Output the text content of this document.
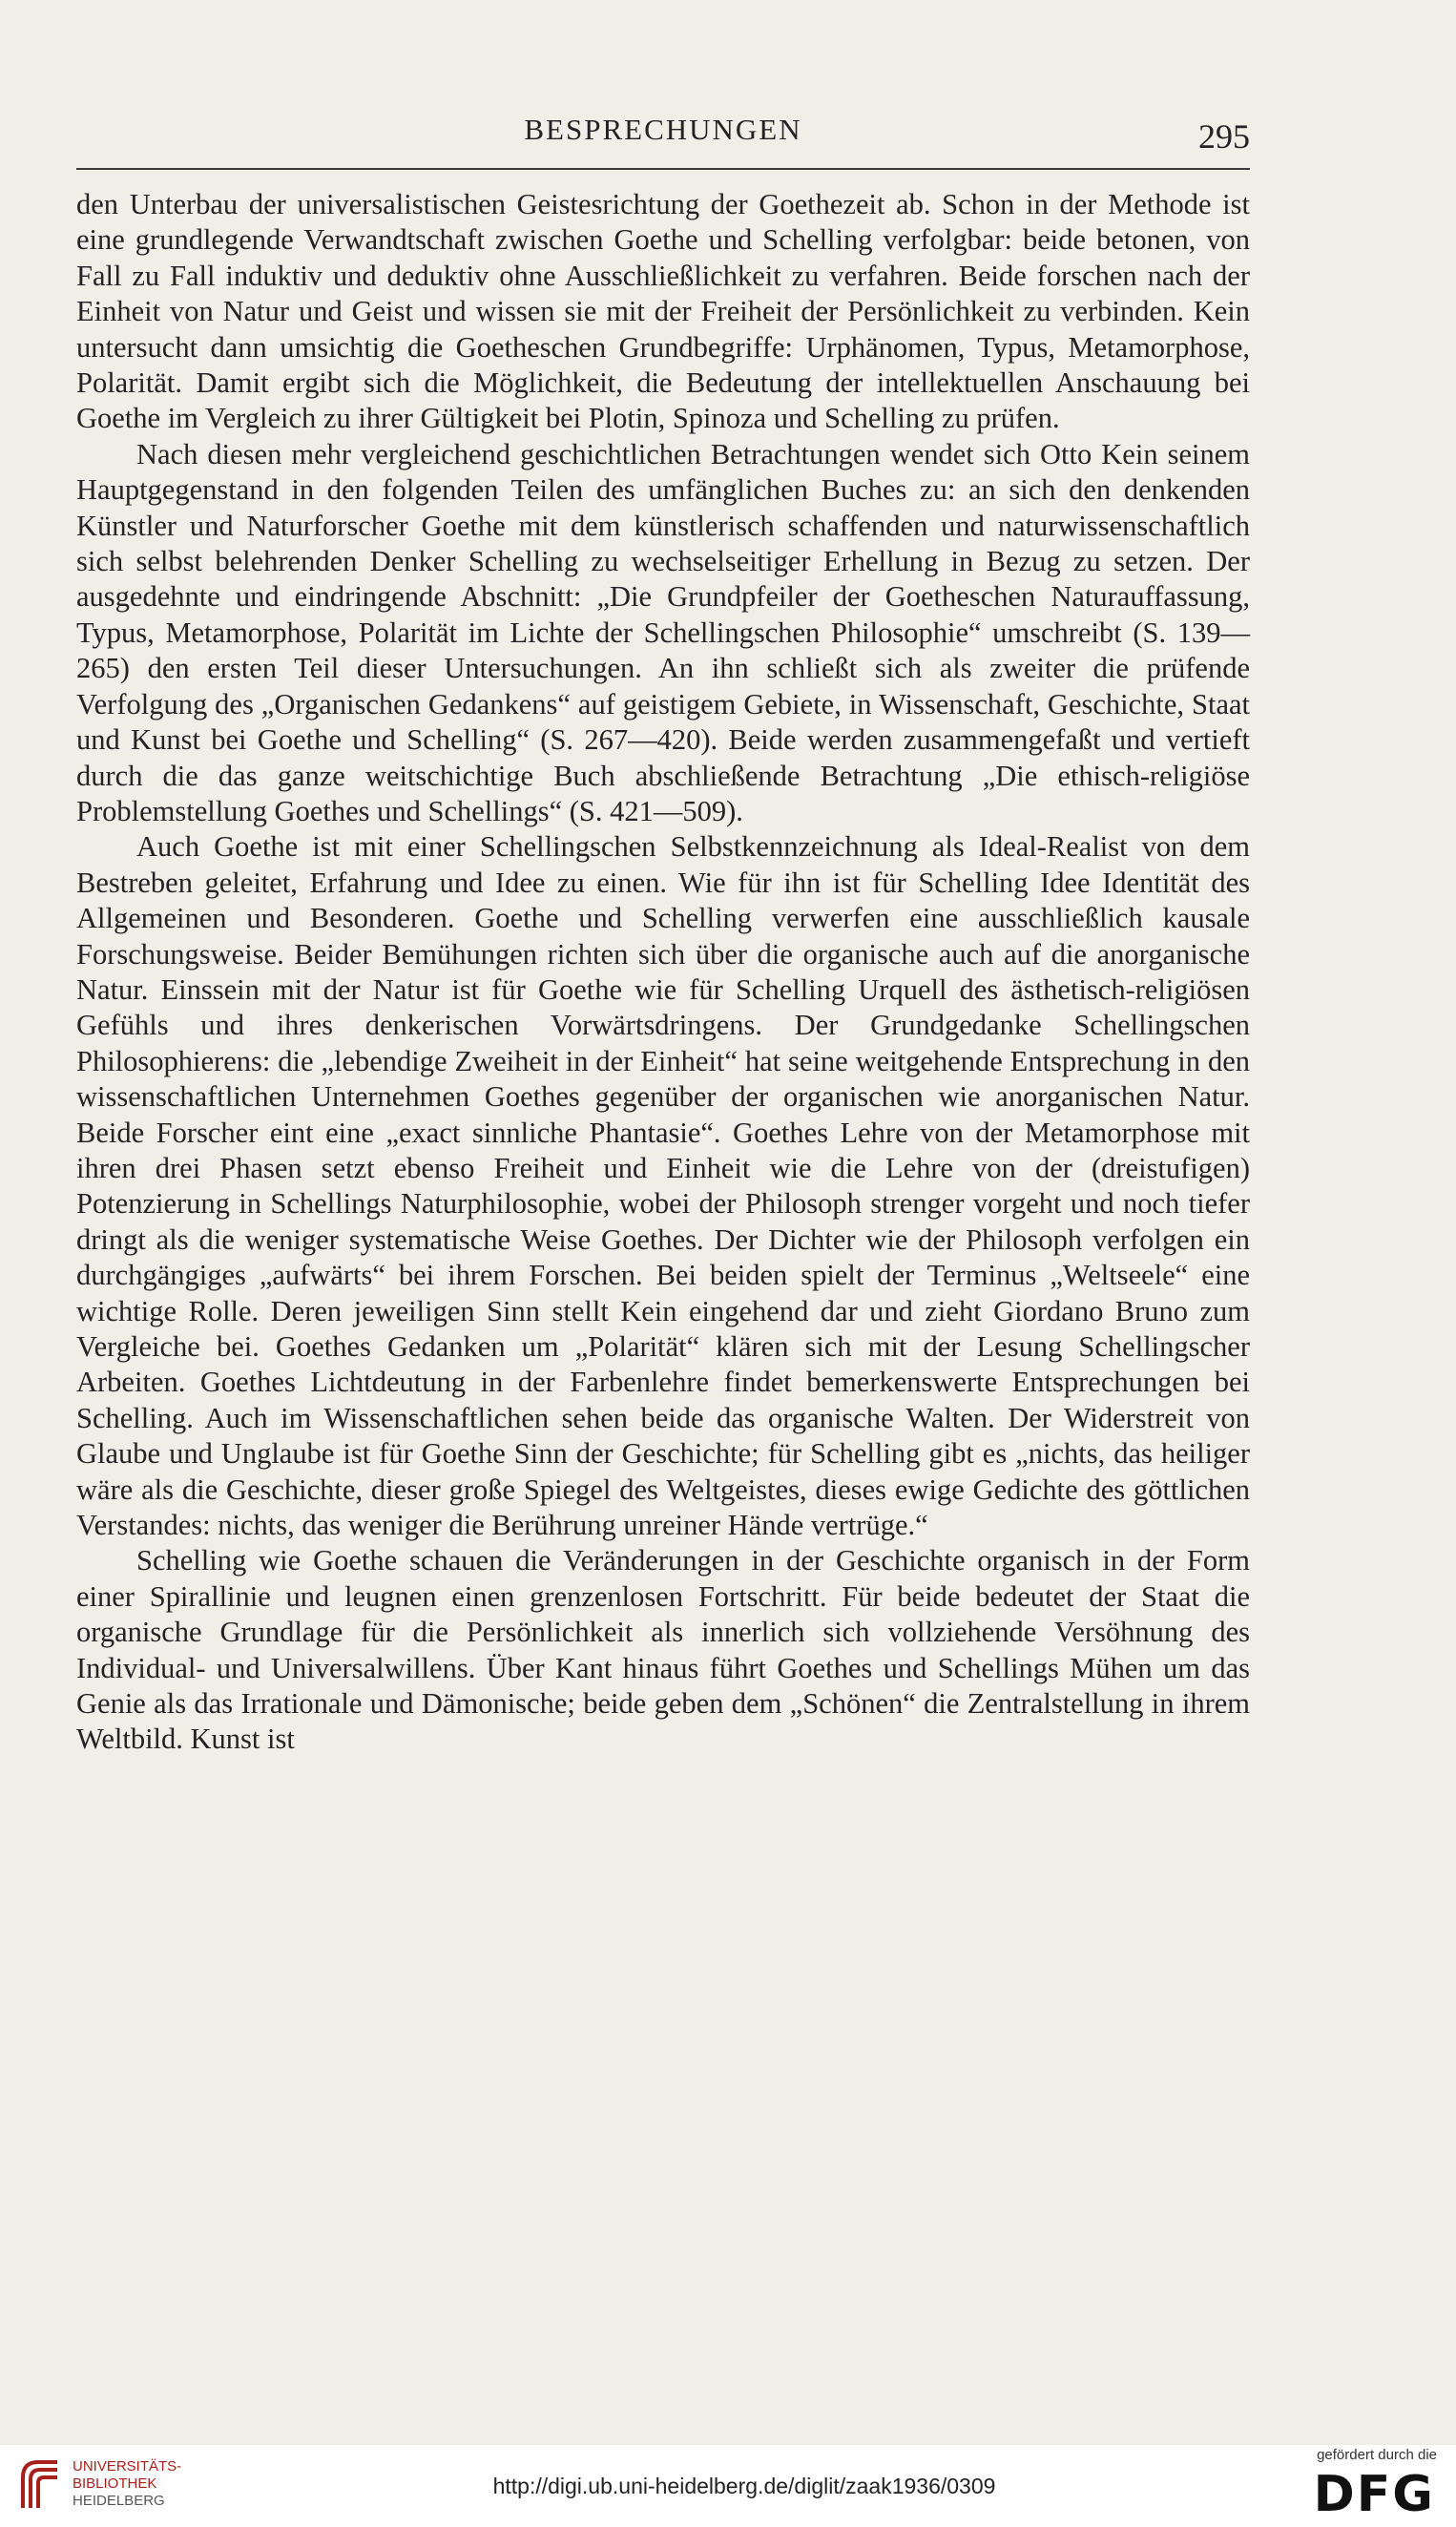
BESPRECHUNGEN	295

den Unterbau der universalistischen Geistesrichtung der Goethezeit ab. Schon in der Methode ist eine grundlegende Verwandtschaft zwischen Goethe und Schelling verfolgbar: beide betonen, von Fall zu Fall induktiv und deduktiv ohne Ausschließlichkeit zu verfahren. Beide forschen nach der Einheit von Natur und Geist und wissen sie mit der Freiheit der Persönlichkeit zu verbinden. Kein untersucht dann umsichtig die Goetheschen Grundbegriffe: Urphänomen, Typus, Metamorphose, Polarität. Damit ergibt sich die Möglichkeit, die Bedeutung der intellektuellen Anschauung bei Goethe im Vergleich zu ihrer Gültigkeit bei Plotin, Spinoza und Schelling zu prüfen.

Nach diesen mehr vergleichend geschichtlichen Betrachtungen wendet sich Otto Kein seinem Hauptgegenstand in den folgenden Teilen des umfänglichen Buches zu: an sich den denkenden Künstler und Naturforscher Goethe mit dem künstlerisch schaffenden und naturwissenschaftlich sich selbst belehrenden Denker Schelling zu wechselseitiger Erhellung in Bezug zu setzen. Der ausgedehnte und eindringende Abschnitt: „Die Grundpfeiler der Goetheschen Naturauffassung, Typus, Metamorphose, Polarität im Lichte der Schellingschen Philosophie“ umschreibt (S. 139—265) den ersten Teil dieser Untersuchungen. An ihn schließt sich als zweiter die prüfende Verfolgung des „Organischen Gedankens“ auf geistigem Gebiete, in Wissenschaft, Geschichte, Staat und Kunst bei Goethe und Schelling“ (S. 267—420). Beide werden zusammengefaßt und vertieft durch die das ganze weitschichtige Buch abschließende Betrachtung „Die ethisch-religiöse Problemstellung Goethes und Schellings“ (S. 421—509).

Auch Goethe ist mit einer Schellingschen Selbstkennzeichnung als Ideal-Realist von dem Bestreben geleitet, Erfahrung und Idee zu einen. Wie für ihn ist für Schelling Idee Identität des Allgemeinen und Besonderen. Goethe und Schelling verwerfen eine ausschließlich kausale Forschungsweise. Beider Bemühungen richten sich über die organische auch auf die anorganische Natur. Einssein mit der Natur ist für Goethe wie für Schelling Urquell des ästhetisch-religiösen Gefühls und ihres denkerischen Vorwärtsdringens. Der Grundgedanke Schellingschen Philosophierens: die „lebendige Zweiheit in der Einheit“ hat seine weitgehende Entsprechung in den wissenschaftlichen Unternehmen Goethes gegenüber der organischen wie anorganischen Natur. Beide Forscher eint eine „exact sinnliche Phantasie“. Goethes Lehre von der Metamorphose mit ihren drei Phasen setzt ebenso Freiheit und Einheit wie die Lehre von der (dreistufigen) Potenzierung in Schellings Naturphilosophie, wobei der Philosoph strenger vorgeht und noch tiefer dringt als die weniger systematische Weise Goethes. Der Dichter wie der Philosoph verfolgen ein durchgängiges „aufwärts“ bei ihrem Forschen. Bei beiden spielt der Terminus „Weltseele“ eine wichtige Rolle. Deren jeweiligen Sinn stellt Kein eingehend dar und zieht Giordano Bruno zum Vergleiche bei. Goethes Gedanken um „Polarität“ klären sich mit der Lesung Schellingscher Arbeiten. Goethes Lichtdeutung in der Farbenlehre findet bemerkenswerte Entsprechungen bei Schelling. Auch im Wissenschaftlichen sehen beide das organische Walten. Der Widerstreit von Glaube und Unglaube ist für Goethe Sinn der Geschichte; für Schelling gibt es „nichts, das heiliger wäre als die Geschichte, dieser große Spiegel des Weltgeistes, dieses ewige Gedichte des göttlichen Verstandes: nichts, das weniger die Berührung unreiner Hände vertrüge.“

Schelling wie Goethe schauen die Veränderungen in der Geschichte organisch in der Form einer Spirallinie und leugnen einen grenzenlosen Fortschritt. Für beide bedeutet der Staat die organische Grundlage für die Persönlichkeit als innerlich sich vollziehende Versöhnung des Individual- und Universalwillens. Über Kant hinaus führt Goethes und Schellings Mühen um das Genie als das Irrationale und Dämonische; beide geben dem „Schönen“ die Zentralstellung in ihrem Weltbild. Kunst ist

UNIVERSITÄTS-
BIBLIOTHEK
HEIDELBERG
http://digi.ub.uni-heidelberg.de/diglit/zaak1936/0309
gefördert durch die
DFG
